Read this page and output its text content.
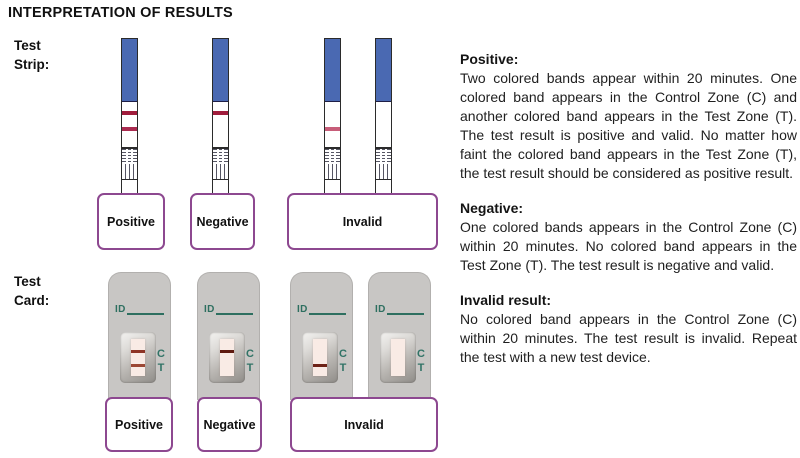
INTERPRETATION OF RESULTS
Test
Strip:
Test
Card:
Positive	Negative	Invalid
ID
C
T
ID
C
T
ID
C
T
ID
C
T
Positive	Negative	Invalid
Positive:

Two colored bands appear within 20 minutes. One colored band appears in the Control Zone (C) and another colored band appears in the Test Zone (T). The test result is positive and valid. No matter how faint the colored band appears in the Test Zone (T), the test result should be considered as positive result.

Negative:

One colored bands appears in the Control Zone (C) within 20 minutes. No colored band appears in the Test Zone (T). The test result is negative and valid.

Invalid result:

No colored band appears in the Control Zone (C) within 20 minutes. The test result is invalid. Repeat the test with a new test device.
